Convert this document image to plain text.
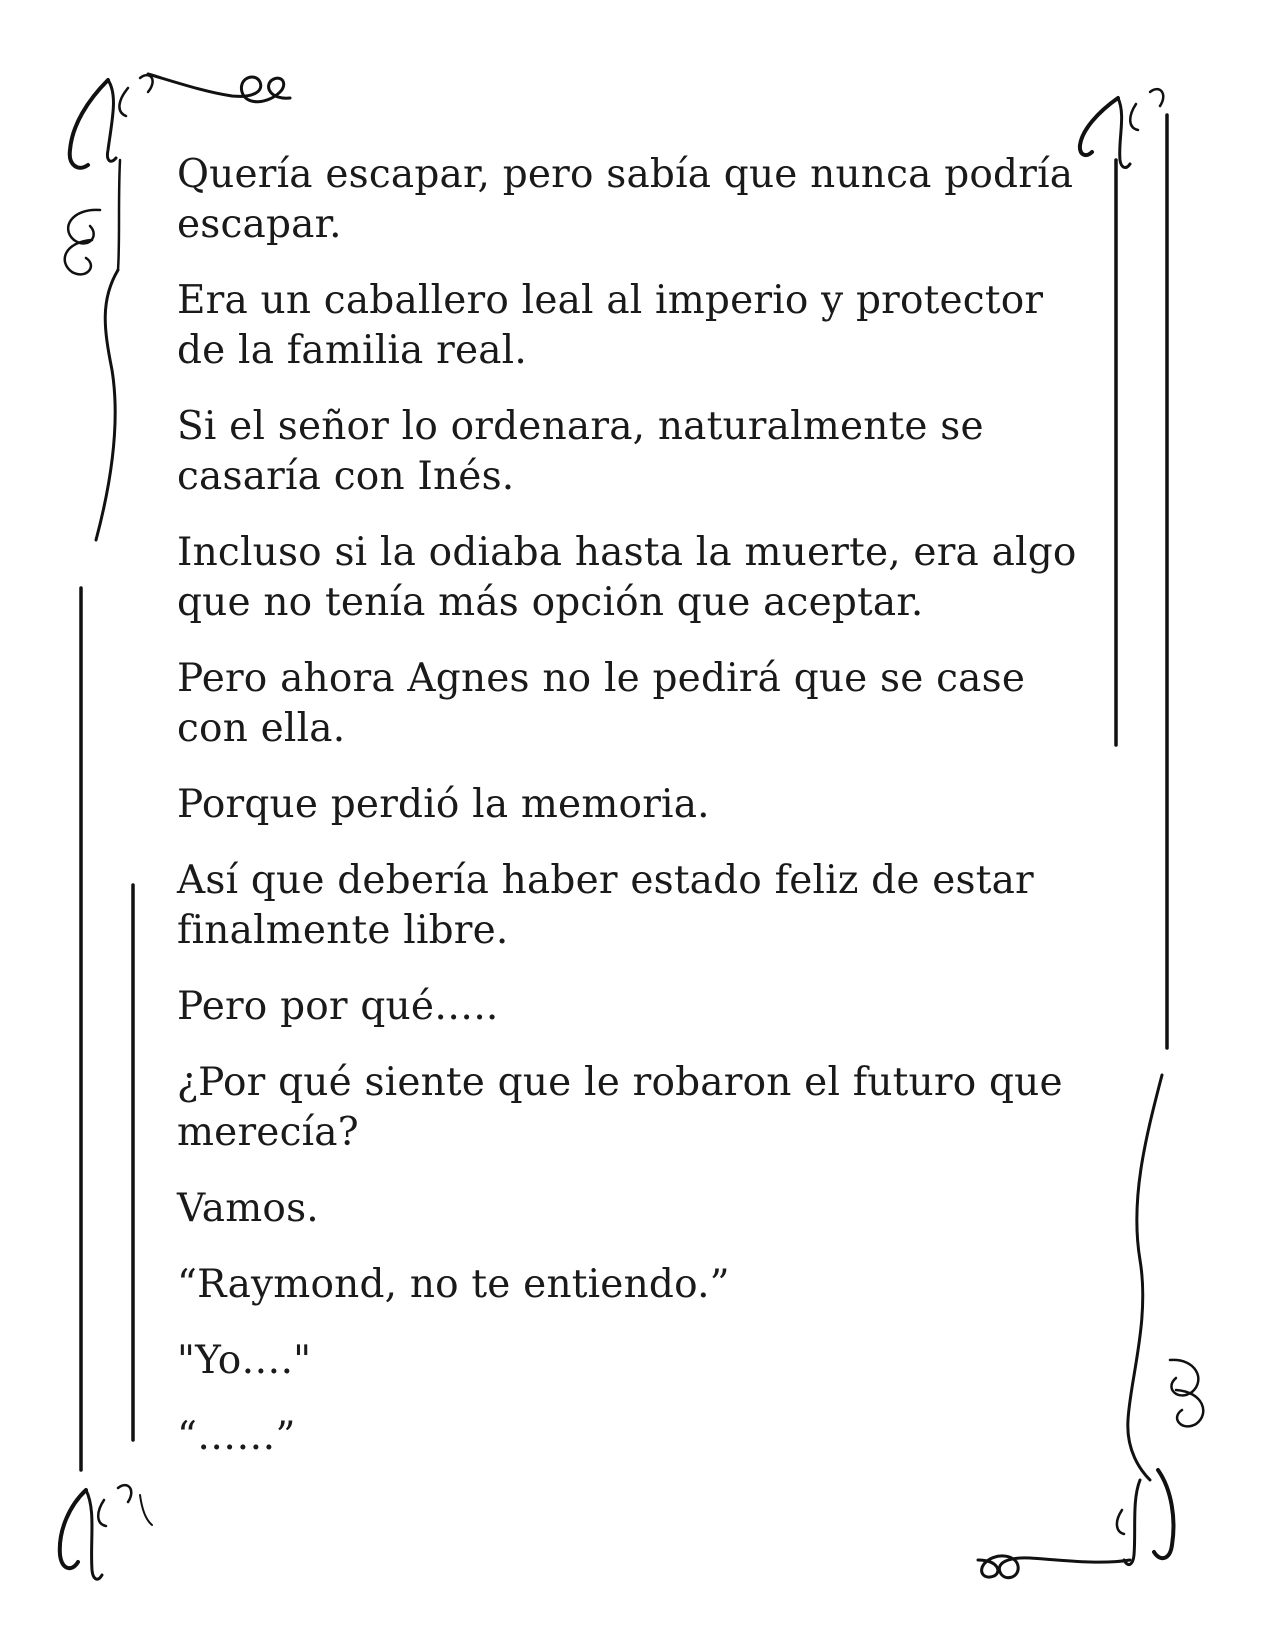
Quería escapar, pero sabía que nunca podría escapar.

Era un caballero leal al imperio y protector de la familia real.

Si el señor lo ordenara, naturalmente se casaría con Inés.

Incluso si la odiaba hasta la muerte, era algo que no tenía más opción que aceptar.

Pero ahora Agnes no le pedirá que se case con ella.

Porque perdió la memoria.

Así que debería haber estado feliz de estar finalmente libre.

Pero por qué…..

¿Por qué siente que le robaron el futuro que merecía?

Vamos.

“Raymond, no te entiendo.”

"Yo…."

“……”
